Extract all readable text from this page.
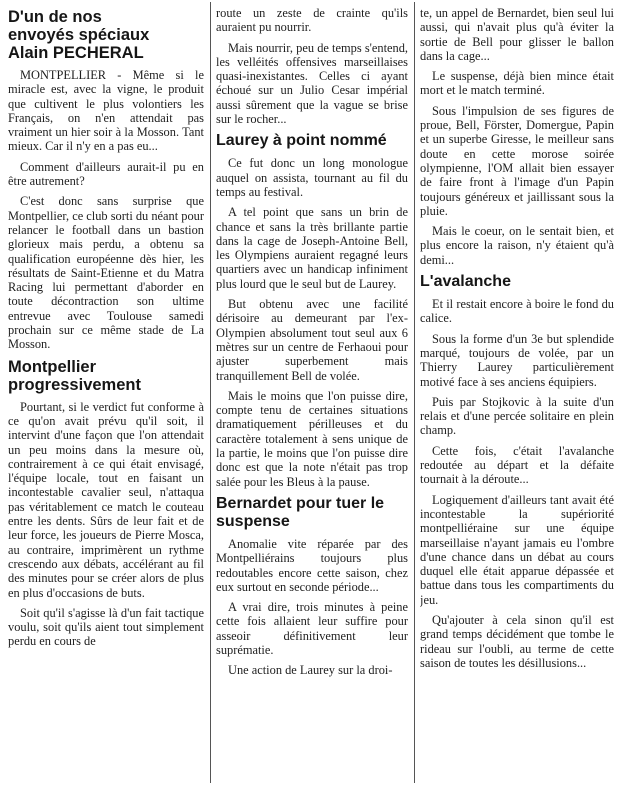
D'un de nos
envoyés spéciaux
Alain PECHERAL

MONTPELLIER - Même si le miracle est, avec la vigne, le produit que cultivent le plus volontiers les Français, on n'en attendait pas vraiment un hier soir à la Mosson. Tant mieux. Car il n'y en a pas eu...

Comment d'ailleurs aurait-il pu en être autrement?

C'est donc sans surprise que Montpellier, ce club sorti du néant pour relancer le football dans un bastion glorieux mais perdu, a obtenu sa qualification européenne dès hier, les résultats de Saint-Etienne et du Matra Racing lui permettant d'aborder en toute décontraction son ultime entrevue avec Toulouse samedi prochain sur ce même stade de La Mosson.

Montpellier progressivement

Pourtant, si le verdict fut conforme à ce qu'on avait prévu qu'il soit, il intervint d'une façon que l'on attendait un peu moins dans la mesure où, contrairement à ce qui était envisagé, l'équipe locale, tout en faisant un incontestable cavalier seul, n'attaqua pas véritablement ce match le couteau entre les dents. Sûrs de leur fait et de leur force, les joueurs de Pierre Mosca, au contraire, imprimèrent un rythme crescendo aux débats, accélérant au fil des minutes pour se créer alors de plus en plus d'occasions de buts.

Soit qu'il s'agisse là d'un fait tactique voulu, soit qu'ils aient tout simplement perdu en cours de

route un zeste de crainte qu'ils auraient pu nourrir.

Mais nourrir, peu de temps s'entend, les velléités offensives marseillaises quasi-inexistantes. Celles ci ayant échoué sur un Julio Cesar impérial aussi sûrement que la vague se brise sur le rocher...

Laurey à point nommé

Ce fut donc un long monologue auquel on assista, tournant au fil du temps au festival.

A tel point que sans un brin de chance et sans la très brillante partie dans la cage de Joseph-Antoine Bell, les Olympiens auraient regagné leurs quartiers avec un handicap infiniment plus lourd que le seul but de Laurey.

But obtenu avec une facilité dérisoire au demeurant par l'ex-Olympien absolument tout seul aux 6 mètres sur un centre de Ferhaoui pour ajuster superbement mais tranquillement Bell de volée.

Mais le moins que l'on puisse dire, compte tenu de certaines situations dramatiquement périlleuses et du caractère totalement à sens unique de la partie, le moins que l'on puisse dire donc est que la note n'était pas trop salée pour les Bleus à la pause.

Bernardet pour tuer le suspense

Anomalie vite réparée par des Montpelliérains toujours plus redoutables encore cette saison, chez eux surtout en seconde période...

A vrai dire, trois minutes à peine cette fois allaient leur suffire pour asseoir définitivement leur suprématie.

Une action de Laurey sur la droi-

te, un appel de Bernardet, bien seul lui aussi, qui n'avait plus qu'à éviter la sortie de Bell pour glisser le ballon dans la cage...

Le suspense, déjà bien mince était mort et le match terminé.

Sous l'impulsion de ses figures de proue, Bell, Förster, Domergue, Papin et un superbe Giresse, le meilleur sans doute en cette morose soirée olympienne, l'OM allait bien essayer de faire front à l'image d'un Papin toujours généreux et jaillissant sous la pluie.

Mais le coeur, on le sentait bien, et plus encore la raison, n'y étaient qu'à demi...

L'avalanche

Et il restait encore à boire le fond du calice.

Sous la forme d'un 3e but splendide marqué, toujours de volée, par un Thierry Laurey particulièrement motivé face à ses anciens équipiers.

Puis par Stojkovic à la suite d'un relais et d'une percée solitaire en plein champ.

Cette fois, c'était l'avalanche redoutée au départ et la défaite tournait à la déroute...

Logiquement d'ailleurs tant avait été incontestable la supériorité montpelliéraine sur une équipe marseillaise n'ayant jamais eu l'ombre d'une chance dans un débat au cours duquel elle était apparue dépassée et battue dans tous les compartiments du jeu.

Qu'ajouter à cela sinon qu'il est grand temps décidément que tombe le rideau sur l'oubli, au terme de cette saison de toutes les désillusions...
